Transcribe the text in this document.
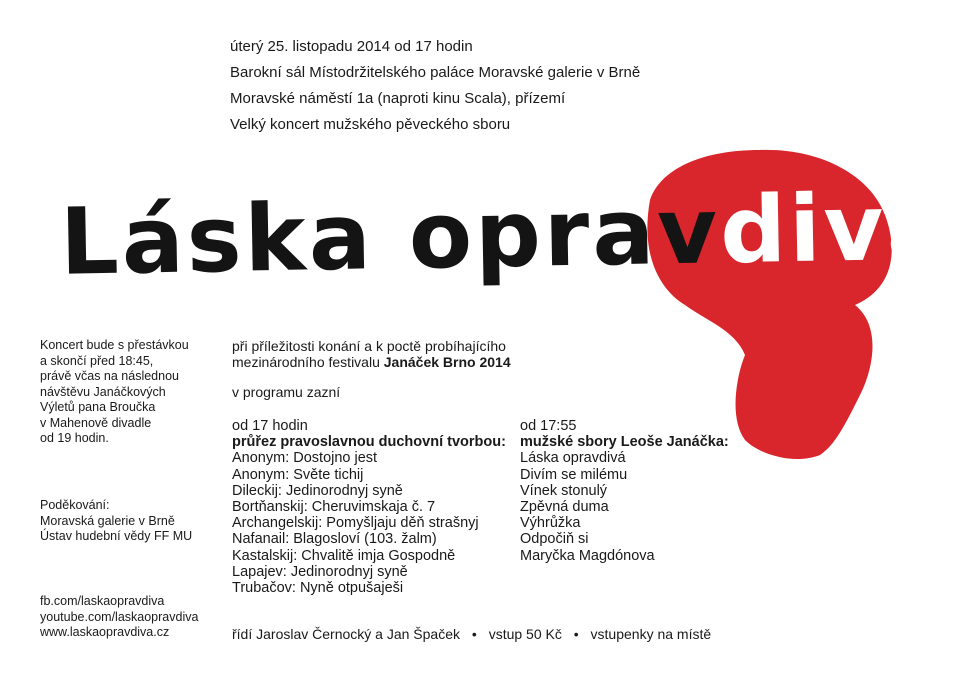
úterý 25. listopadu 2014 od 17 hodin
Barokní sál Místodržitelského paláce Moravské galerie v Brně
Moravské náměstí 1a (naproti kinu Scala), přízemí
Velký koncert mužského pěveckého sboru
Láska opravdivá
Koncert bude s přestávkou
a skončí před 18:45,
právě včas na následnou
návštěvu Janáčkových
Výletů pana Broučka
v Mahenově divadle
od 19 hodin.
Poděkování:
Moravská galerie v Brně
Ústav hudební vědy FF MU
fb.com/laskaopravdiva
youtube.com/laskaopravdiva
www.laskaopravdiva.cz
při příležitosti konání a k poctě probíhajícího
mezinárodního festivalu Janáček Brno 2014
v programu zazní
od 17 hodin
průřez pravoslavnou duchovní tvorbou:
Anonym: Dostojno jest
Anonym: Světe tichij
Dileckij: Jedinorodnyj syně
Bortňanskij: Cheruvimskaja č. 7
Archangelskij: Pomyšljaju děň strašnyj
Nafanail: Blagosloví (103. žalm)
Kastalskij: Chvalitě imja Gospodně
Lapajev: Jedinorodnyj syně
Trubačov: Nyně otpušaješi
od 17:55
mužské sbory Leoše Janáčka:
Láska opravdivá
Divím se milému
Vínek stonulý
Zpěvná duma
Výhrůžka
Odpočiň si
Maryčka Magdónova
řídí Jaroslav Černocký a Jan Špaček • vstup 50 Kč • vstupenky na místě
